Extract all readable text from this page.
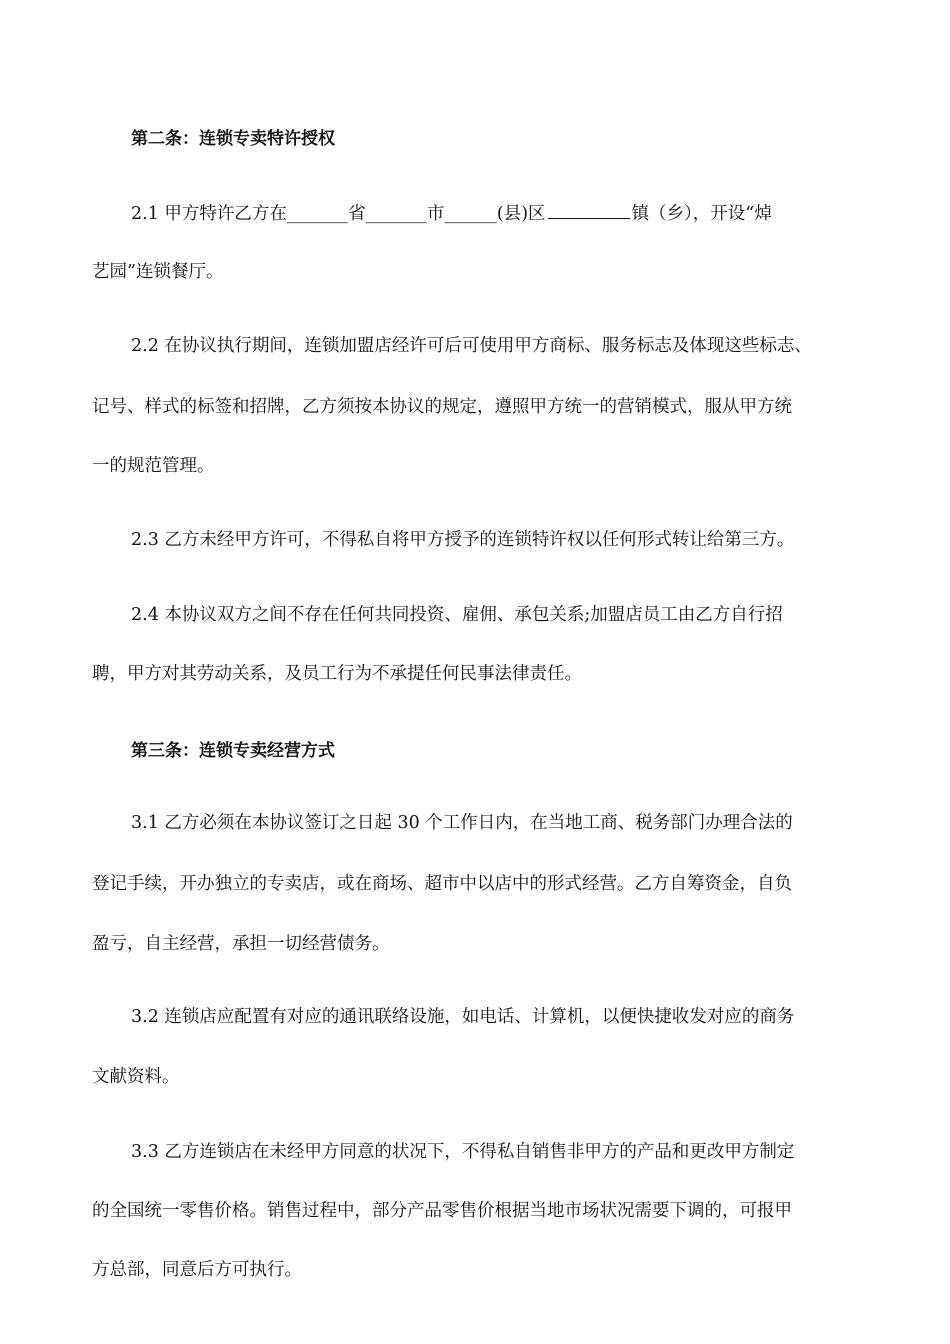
第二条：连锁专卖特许授权
2.1 甲方特许乙方在_______省_______市______(县)区	镇（乡），开设“焯
艺园”连锁餐厅。
2.2 在协议执行期间，连锁加盟店经许可后可使用甲方商标、服务标志及体现这些标志、
记号、样式的标签和招牌，乙方须按本协议的规定，遵照甲方统一的营销模式，服从甲方统
一的规范管理。
2.3 乙方未经甲方许可，不得私自将甲方授予的连锁特许权以任何形式转让给第三方。
2.4 本协议双方之间不存在任何共同投资、雇佣、承包关系;加盟店员工由乙方自行招
聘，甲方对其劳动关系，及员工行为不承提任何民事法律责任。
第三条：连锁专卖经营方式
3.1 乙方必须在本协议签订之日起 30 个工作日内，在当地工商、税务部门办理合法的
登记手续，开办独立的专卖店，或在商场、超市中以店中的形式经营。乙方自筹资金，自负
盈亏，自主经营，承担一切经营债务。
3.2 连锁店应配置有对应的通讯联络设施，如电话、计算机，以便快捷收发对应的商务
文献资料。
3.3 乙方连锁店在未经甲方同意的状况下，不得私自销售非甲方的产品和更改甲方制定
的全国统一零售价格。销售过程中，部分产品零售价根据当地市场状况需要下调的，可报甲
方总部，同意后方可执行。
